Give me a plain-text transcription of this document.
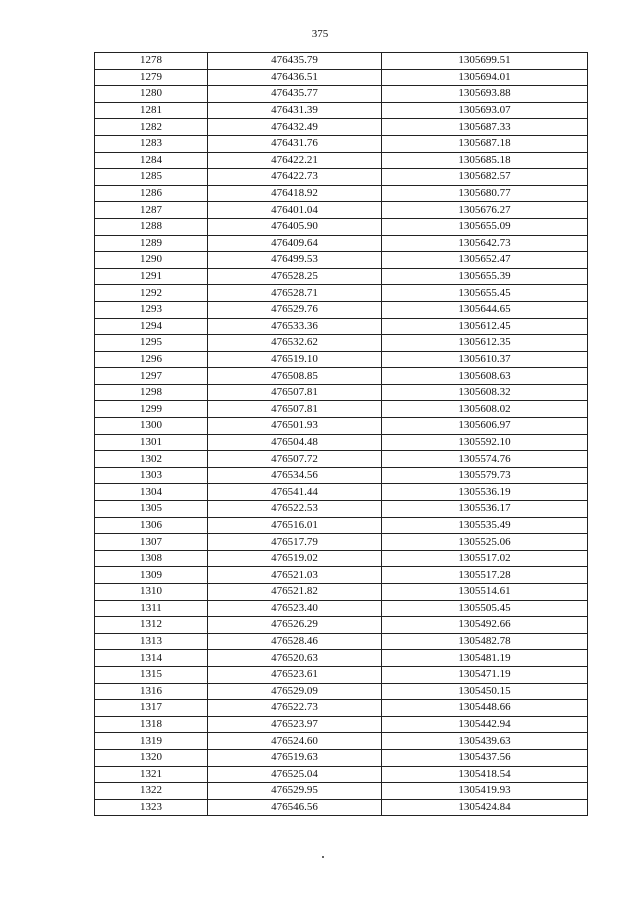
375
1278	476435.79	1305699.51
1279	476436.51	1305694.01
1280	476435.77	1305693.88
1281	476431.39	1305693.07
1282	476432.49	1305687.33
1283	476431.76	1305687.18
1284	476422.21	1305685.18
1285	476422.73	1305682.57
1286	476418.92	1305680.77
1287	476401.04	1305676.27
1288	476405.90	1305655.09
1289	476409.64	1305642.73
1290	476499.53	1305652.47
1291	476528.25	1305655.39
1292	476528.71	1305655.45
1293	476529.76	1305644.65
1294	476533.36	1305612.45
1295	476532.62	1305612.35
1296	476519.10	1305610.37
1297	476508.85	1305608.63
1298	476507.81	1305608.32
1299	476507.81	1305608.02
1300	476501.93	1305606.97
1301	476504.48	1305592.10
1302	476507.72	1305574.76
1303	476534.56	1305579.73
1304	476541.44	1305536.19
1305	476522.53	1305536.17
1306	476516.01	1305535.49
1307	476517.79	1305525.06
1308	476519.02	1305517.02
1309	476521.03	1305517.28
1310	476521.82	1305514.61
1311	476523.40	1305505.45
1312	476526.29	1305492.66
1313	476528.46	1305482.78
1314	476520.63	1305481.19
1315	476523.61	1305471.19
1316	476529.09	1305450.15
1317	476522.73	1305448.66
1318	476523.97	1305442.94
1319	476524.60	1305439.63
1320	476519.63	1305437.56
1321	476525.04	1305418.54
1322	476529.95	1305419.93
1323	476546.56	1305424.84
